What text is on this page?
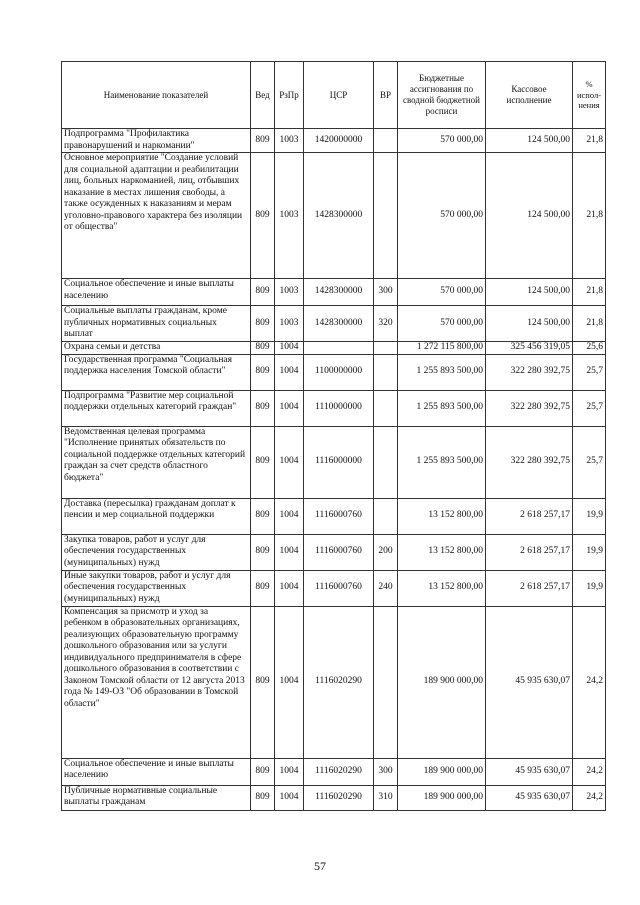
Наименование показателей	Вед	РзПр	ЦСР	ВР	Бюджетные ассигнования по сводной бюджетной росписи	Кассовое исполнение	% испол-нения
Подпрограмма "Профилактика правонарушений и наркомании"	809	1003	1420000000		570 000,00	124 500,00	21,8
Основное мероприятие "Создание условий для социальной адаптации и реабилитации лиц, больных наркоманией, лиц, отбывших наказание в местах лишения свободы, а также осужденных к наказаниям и мерам уголовно-правового характера без изоляции от общества"	809	1003	1428300000		570 000,00	124 500,00	21,8
Социальное обеспечение и иные выплаты населению	809	1003	1428300000	300	570 000,00	124 500,00	21,8
Социальные выплаты гражданам, кроме публичных нормативных социальных выплат	809	1003	1428300000	320	570 000,00	124 500,00	21,8
Охрана семьи и детства	809	1004			1 272 115 800,00	325 456 319,05	25,6
Государственная программа "Социальная поддержка населения Томской области"	809	1004	1100000000		1 255 893 500,00	322 280 392,75	25,7
Подпрограмма "Развитие мер социальной поддержки отдельных категорий граждан"	809	1004	1110000000		1 255 893 500,00	322 280 392,75	25,7
Ведомственная целевая программа "Исполнение принятых обязательств по социальной поддержке отдельных категорий граждан за счет средств областного бюджета"	809	1004	1116000000		1 255 893 500,00	322 280 392,75	25,7
Доставка (пересылка) гражданам доплат к пенсии и мер социальной поддержки	809	1004	1116000760		13 152 800,00	2 618 257,17	19,9
Закупка товаров, работ и услуг для обеспечения государственных (муниципальных) нужд	809	1004	1116000760	200	13 152 800,00	2 618 257,17	19,9
Иные закупки товаров, работ и услуг для обеспечения государственных (муниципальных) нужд	809	1004	1116000760	240	13 152 800,00	2 618 257,17	19,9
Компенсация за присмотр и уход за ребенком в образовательных организациях, реализующих образовательную программу дошкольного образования или за услуги индивидуального предпринимателя в сфере дошкольного образования в соответствии с Законом Томской области от 12 августа 2013 года № 149-ОЗ "Об образовании в Томской области"	809	1004	1116020290		189 900 000,00	45 935 630,07	24,2
Социальное обеспечение и иные выплаты населению	809	1004	1116020290	300	189 900 000,00	45 935 630,07	24,2
Публичные нормативные социальные выплаты гражданам	809	1004	1116020290	310	189 900 000,00	45 935 630,07	24,2
57
